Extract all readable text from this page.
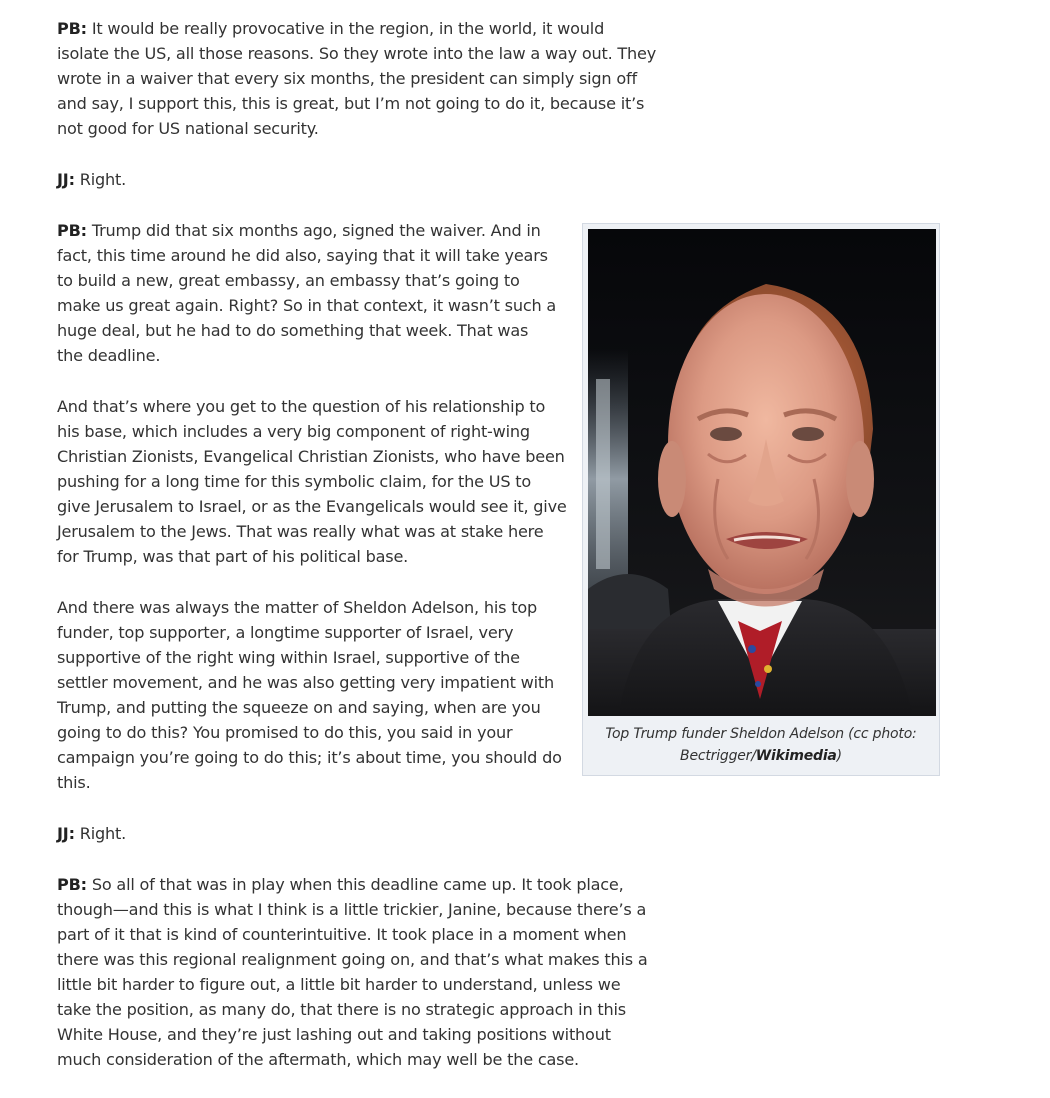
PB: It would be really provocative in the region, in the world, it would isolate the US, all those reasons. So they wrote into the law a way out. They wrote in a waiver that every six months, the president can simply sign off and say, I support this, this is great, but I’m not going to do it, because it’s not good for US national security.

JJ: Right.

PB: Trump did that six months ago, signed the waiver. And in fact, this time around he did also, saying that it will take years to build a new, great embassy, an embassy that’s going to make us great again. Right? So in that context, it wasn’t such a huge deal, but he had to do something that week. That was the deadline.

And that’s where you get to the question of his relationship to his base, which includes a very big component of right-wing Christian Zionists, Evangelical Christian Zionists, who have been pushing for a long time for this symbolic claim, for the US to give Jerusalem to Israel, or as the Evangelicals would see it, give Jerusalem to the Jews. That was really what was at stake here for Trump, was that part of his political base.

And there was always the matter of Sheldon Adelson, his top funder, top supporter, a longtime supporter of Israel, very supportive of the right wing within Israel, supportive of the settler movement, and he was also getting very impatient with Trump, and putting the squeeze on and saying, when are you going to do this? You promised to do this, you said in your campaign you’re going to do this; it’s about time, you should do this.

JJ: Right.

PB: So all of that was in play when this deadline came up. It took place, though—and this is what I think is a little trickier, Janine, because there’s a part of it that is kind of counterintuitive. It took place in a moment when there was this regional realignment going on, and that’s what makes this a little bit harder to figure out, a little bit harder to understand, unless we take the position, as many do, that there is no strategic approach in this White House, and they’re just lashing out and taking positions without much consideration of the aftermath, which may well be the case.

Top Trump funder Sheldon Adelson (cc photo: Bectrigger/Wikimedia)
